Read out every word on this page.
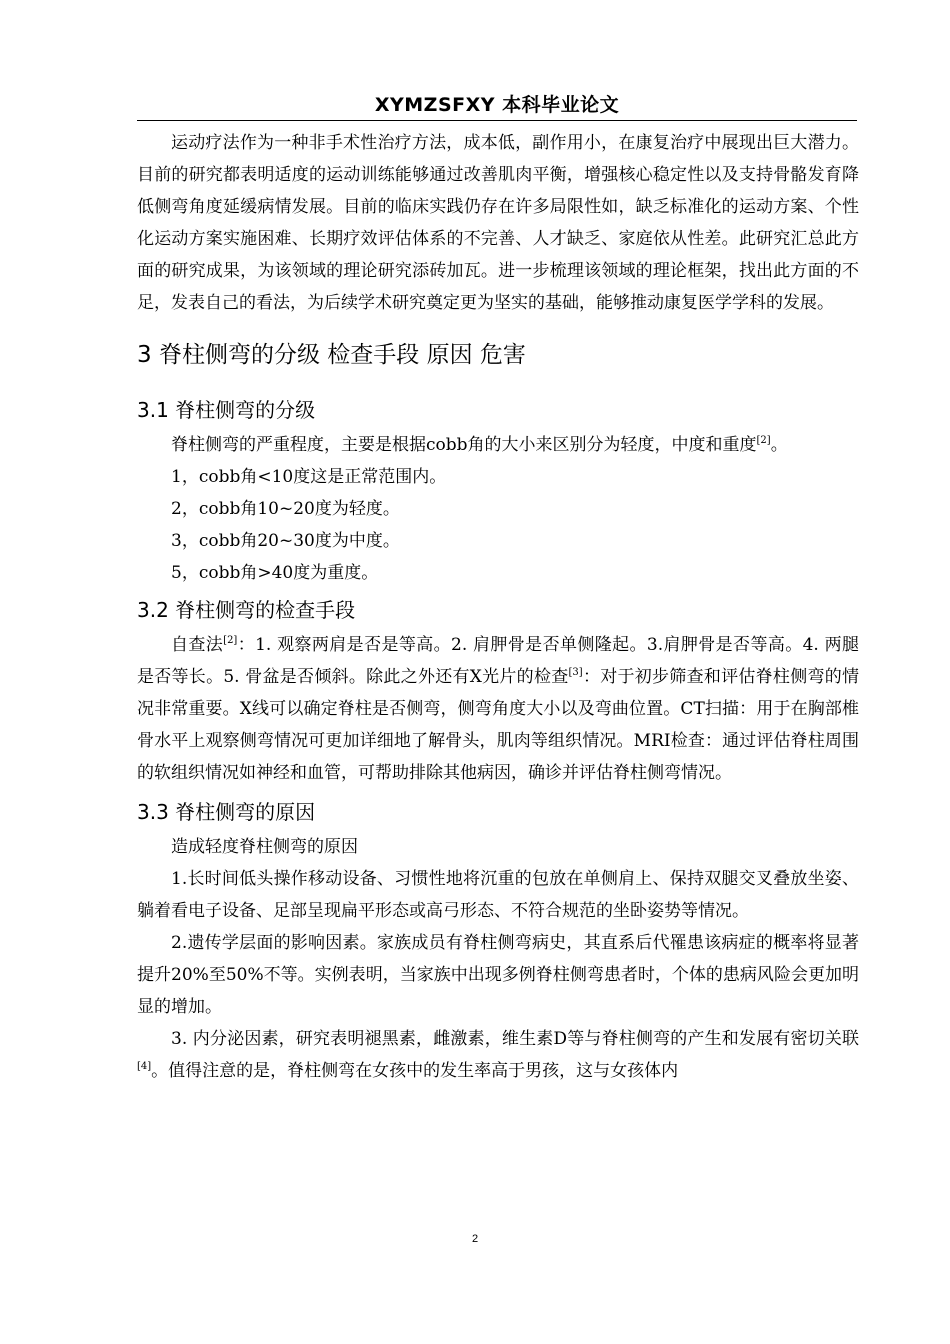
XYMZSFXY 本科毕业论文

运动疗法作为一种非手术性治疗方法，成本低，副作用小，在康复治疗中展现出巨大潜力。目前的研究都表明适度的运动训练能够通过改善肌肉平衡，增强核心稳定性以及支持骨骼发育降低侧弯角度延缓病情发展。目前的临床实践仍存在许多局限性如，缺乏标准化的运动方案、个性化运动方案实施困难、长期疗效评估体系的不完善、人才缺乏、家庭依从性差。此研究汇总此方面的研究成果，为该领域的理论研究添砖加瓦。进一步梳理该领域的理论框架，找出此方面的不足，发表自己的看法，为后续学术研究奠定更为坚实的基础，能够推动康复医学学科的发展。

3 脊柱侧弯的分级 检查手段 原因 危害
3.1 脊柱侧弯的分级

脊柱侧弯的严重程度，主要是根据cobb角的大小来区别分为轻度，中度和重度[2]。

1，cobb角<10度这是正常范围内。

2，cobb角10~20度为轻度。

3，cobb角20~30度为中度。

5，cobb角>40度为重度。

3.2 脊柱侧弯的检查手段

自查法[2]：1. 观察两肩是否是等高。2. 肩胛骨是否单侧隆起。3.肩胛骨是否等高。4. 两腿是否等长。5. 骨盆是否倾斜。除此之外还有X光片的检查[3]：对于初步筛查和评估脊柱侧弯的情况非常重要。X线可以确定脊柱是否侧弯，侧弯角度大小以及弯曲位置。CT扫描：用于在胸部椎骨水平上观察侧弯情况可更加详细地了解骨头，肌肉等组织情况。MRI检查：通过评估脊柱周围的软组织情况如神经和血管，可帮助排除其他病因，确诊并评估脊柱侧弯情况。

3.3 脊柱侧弯的原因

造成轻度脊柱侧弯的原因

1.长时间低头操作移动设备、习惯性地将沉重的包放在单侧肩上、保持双腿交叉叠放坐姿、躺着看电子设备、足部呈现扁平形态或高弓形态、不符合规范的坐卧姿势等情况。

2.遗传学层面的影响因素。家族成员有脊柱侧弯病史，其直系后代罹患该病症的概率将显著提升20%至50%不等。实例表明，当家族中出现多例脊柱侧弯患者时，个体的患病风险会更加明显的增加。

3. 内分泌因素，研究表明褪黑素，雌激素，维生素D等与脊柱侧弯的产生和发展有密切关联[4]。值得注意的是，脊柱侧弯在女孩中的发生率高于男孩，这与女孩体内

2
